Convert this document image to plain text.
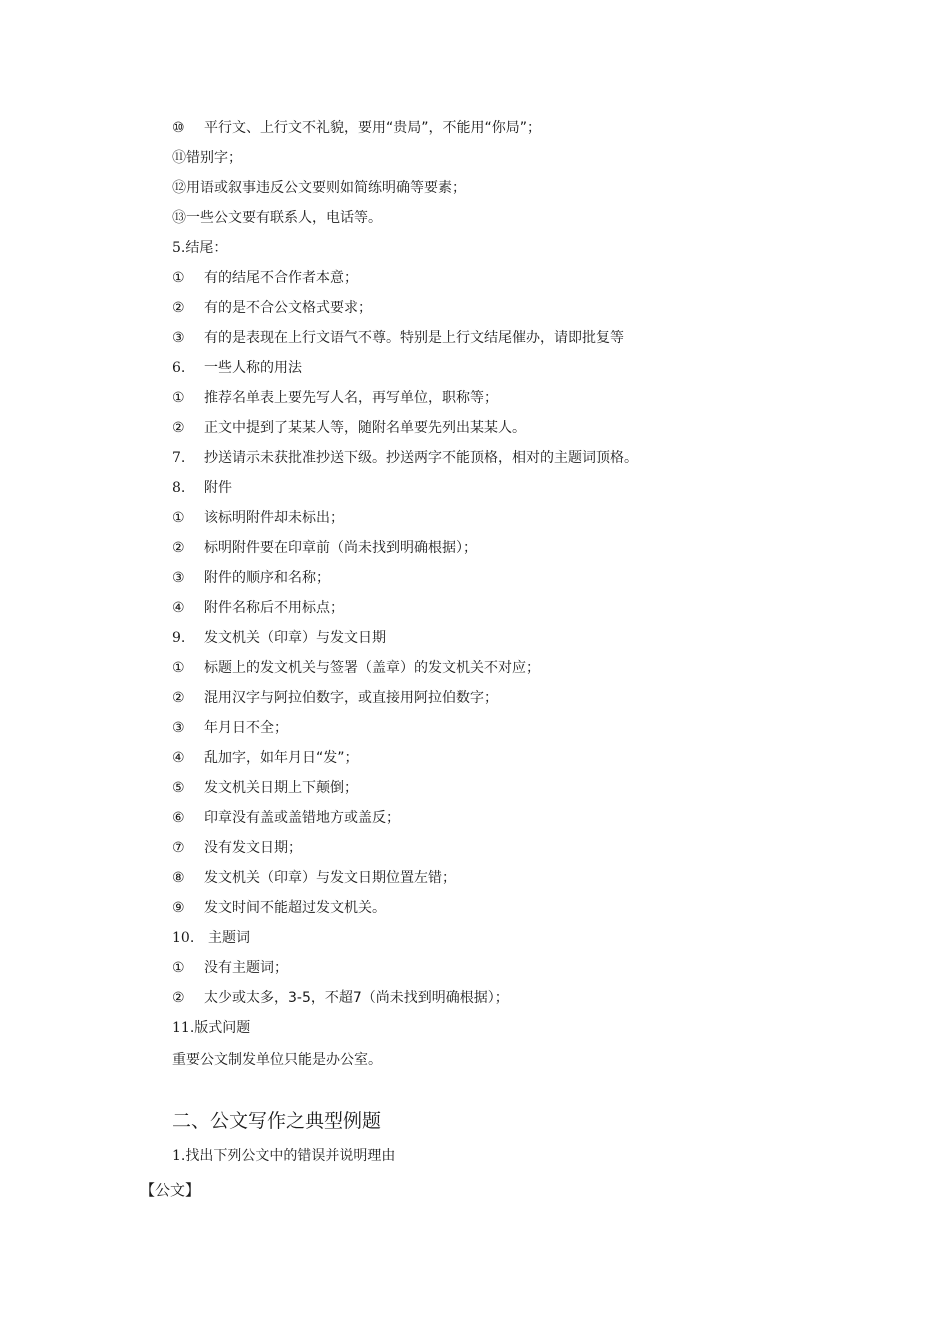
⑩ 平行文、上行文不礼貌，要用“贵局”，不能用“你局”；
⑪错别字；
⑫用语或叙事违反公文要则如简练明确等要素；
⑬一些公文要有联系人，电话等。
5.结尾：
① 有的结尾不合作者本意；
② 有的是不合公文格式要求；
③ 有的是表现在上行文语气不尊。特别是上行文结尾催办，请即批复等
6. 一些人称的用法
① 推荐名单表上要先写人名，再写单位，职称等；
② 正文中提到了某某人等，随附名单要先列出某某人。
7. 抄送请示未获批准抄送下级。抄送两字不能顶格，相对的主题词顶格。
8. 附件
① 该标明附件却未标出；
② 标明附件要在印章前（尚未找到明确根据）；
③ 附件的顺序和名称；
④ 附件名称后不用标点；
9. 发文机关（印章）与发文日期
① 标题上的发文机关与签署（盖章）的发文机关不对应；
② 混用汉字与阿拉伯数字，或直接用阿拉伯数字；
③ 年月日不全；
④ 乱加字，如年月日“发”；
⑤ 发文机关日期上下颠倒；
⑥ 印章没有盖或盖错地方或盖反；
⑦ 没有发文日期；
⑧ 发文机关（印章）与发文日期位置左错；
⑨ 发文时间不能超过发文机关。
10. 主题词
① 没有主题词；
② 太少或太多，3-5，不超7（尚未找到明确根据）；
11.版式问题
重要公文制发单位只能是办公室。
二、公文写作之典型例题
1.找出下列公文中的错误并说明理由
【公文】
